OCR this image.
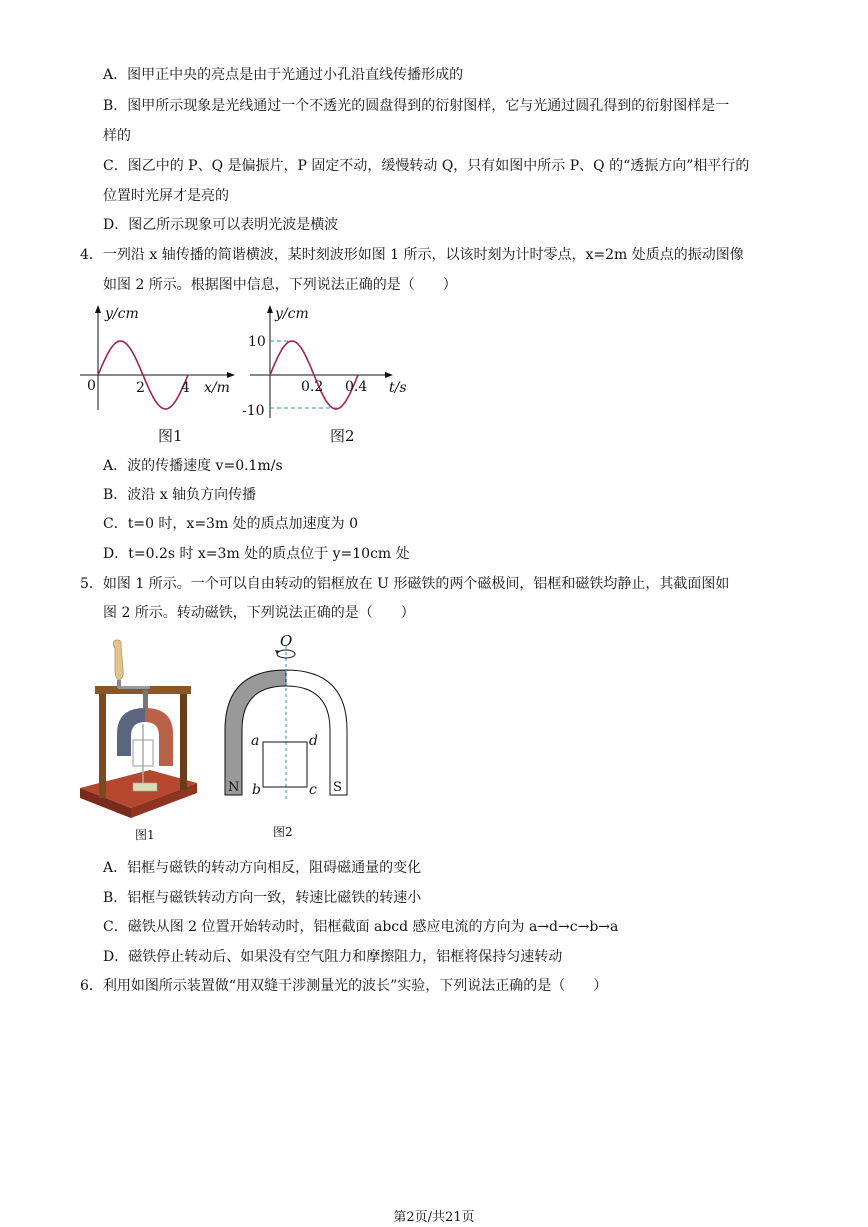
A．图甲正中央的亮点是由于光通过小孔沿直线传播形成的
B．图甲所示现象是光线通过一个不透光的圆盘得到的衍射图样，它与光通过圆孔得到的衍射图样是一
样的
C．图乙中的 P、Q 是偏振片，P 固定不动，缓慢转动 Q，只有如图中所示 P、Q 的“透振方向”相平行的
位置时光屏才是亮的
D．图乙所示现象可以表明光波是横波
4．一列沿 x 轴传播的简谐横波，某时刻波形如图 1 所示，以该时刻为计时零点，x=2m 处质点的振动图像
如图 2 所示。根据图中信息，下列说法正确的是（　　）
y/cm
x/m
0	2	4
图1
y/cm
10
-10
0.2 0.4 t/s
图2
A．波的传播速度 v=0.1m/s
B．波沿 x 轴负方向传播
C．t=0 时，x=3m 处的质点加速度为 0
D．t=0.2s 时 x=3m 处的质点位于 y=10cm 处
5．如图 1 所示。一个可以自由转动的铝框放在 U 形磁铁的两个磁极间，铝框和磁铁均静止，其截面图如
图 2 所示。转动磁铁，下列说法正确的是（　　）
图1
O
a	d
b	c
N	S
图2
A．铝框与磁铁的转动方向相反，阻碍磁通量的变化
B．铝框与磁铁转动方向一致，转速比磁铁的转速小
C．磁铁从图 2 位置开始转动时，铝框截面 abcd 感应电流的方向为 a→d→c→b→a
D．磁铁停止转动后、如果没有空气阻力和摩擦阻力，铝框将保持匀速转动
6．利用如图所示装置做“用双缝干涉测量光的波长”实验，下列说法正确的是（　　）
第2页/共21页
